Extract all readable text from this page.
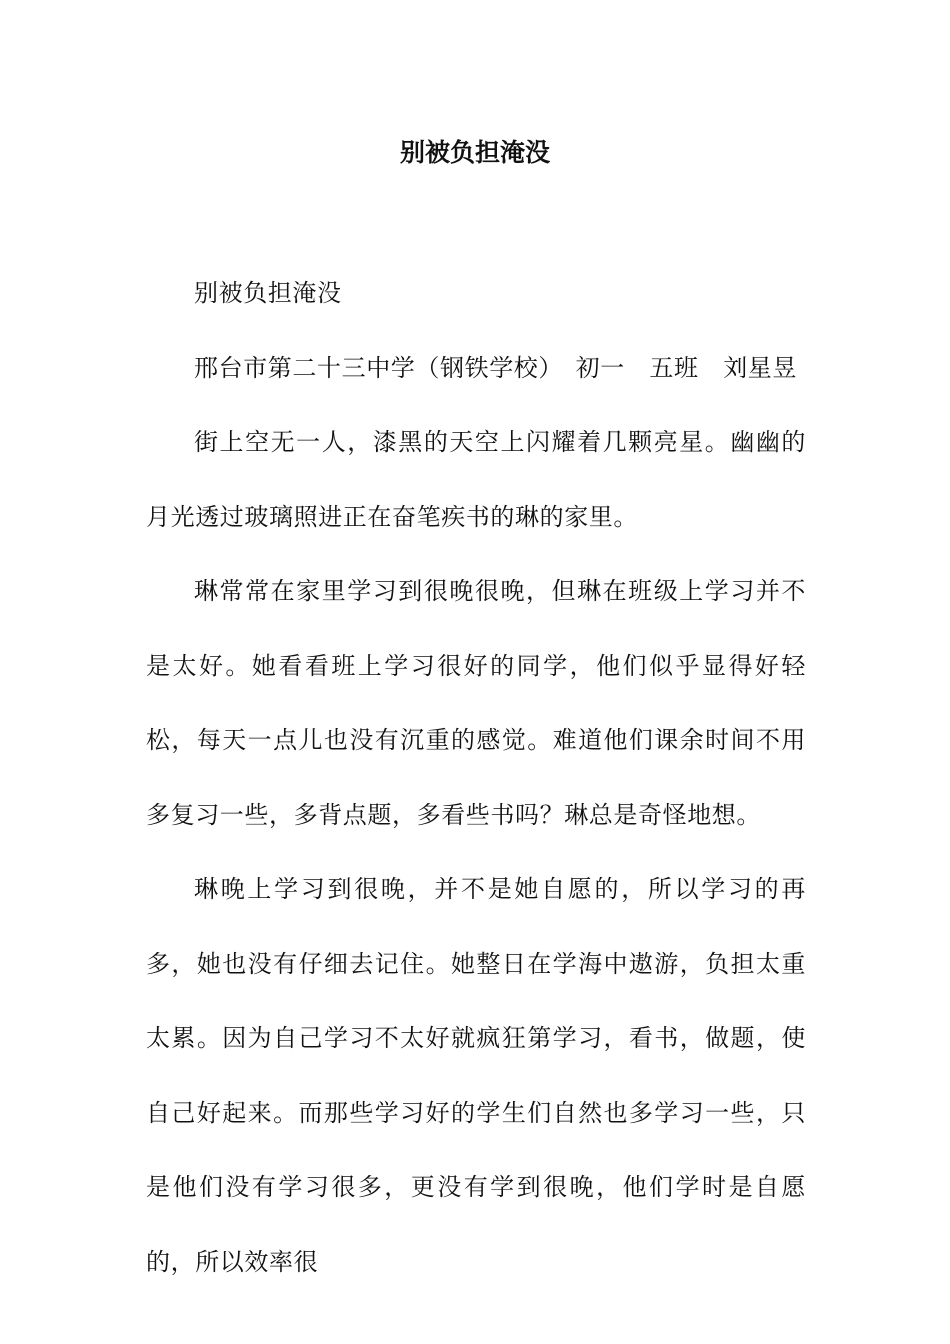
别被负担淹没

别被负担淹没

邢台市第二十三中学（钢铁学校）　初一　五班　刘星昱

街上空无一人，漆黑的天空上闪耀着几颗亮星。幽幽的月光透过玻璃照进正在奋笔疾书的琳的家里。

琳常常在家里学习到很晚很晚，但琳在班级上学习并不是太好。她看看班上学习很好的同学，他们似乎显得好轻松，每天一点儿也没有沉重的感觉。难道他们课余时间不用多复习一些，多背点题，多看些书吗？琳总是奇怪地想。

琳晚上学习到很晚，并不是她自愿的，所以学习的再多，她也没有仔细去记住。她整日在学海中遨游，负担太重太累。因为自己学习不太好就疯狂第学习，看书，做题，使自己好起来。而那些学习好的学生们自然也多学习一些，只是他们没有学习很多，更没有学到很晚，他们学时是自愿的，所以效率很
